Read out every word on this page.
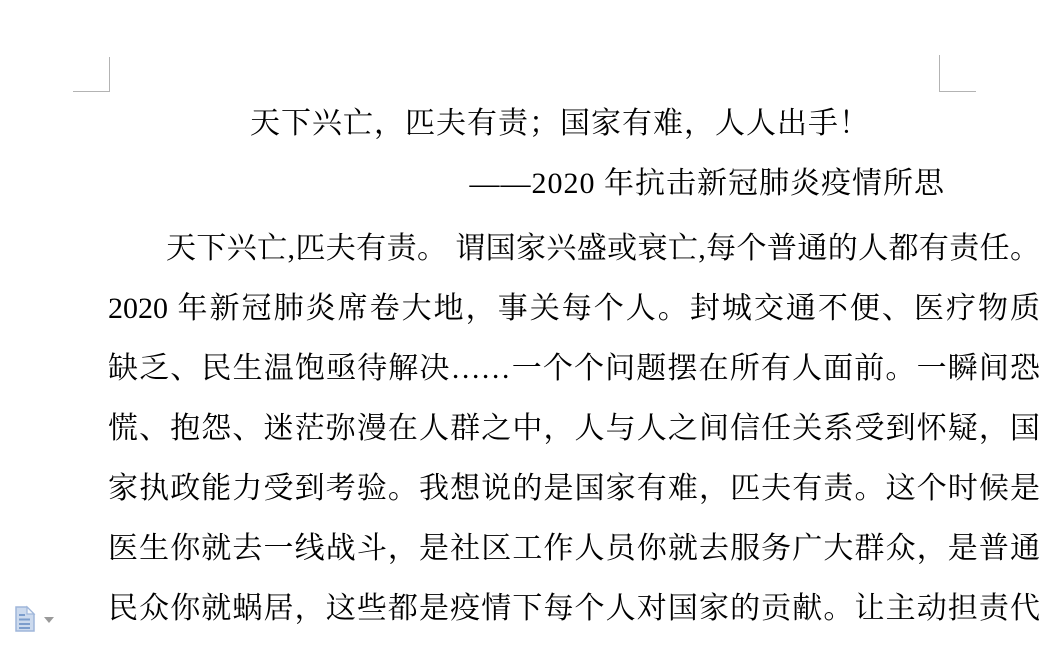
天下兴亡，匹夫有责；国家有难，人人出手！
——2020 年抗击新冠肺炎疫情所思
天下兴亡,匹夫有责。 谓国家兴盛或衰亡,每个普通的人都有责任。
2020 年新冠肺炎席卷大地，事关每个人。封城交通不便、医疗物质
缺乏、民生温饱亟待解决……一个个问题摆在所有人面前。一瞬间恐
慌、抱怨、迷茫弥漫在人群之中，人与人之间信任关系受到怀疑，国
家执政能力受到考验。我想说的是国家有难，匹夫有责。这个时候是
医生你就去一线战斗，是社区工作人员你就去服务广大群众，是普通
民众你就蜗居，这些都是疫情下每个人对国家的贡献。让主动担责代
